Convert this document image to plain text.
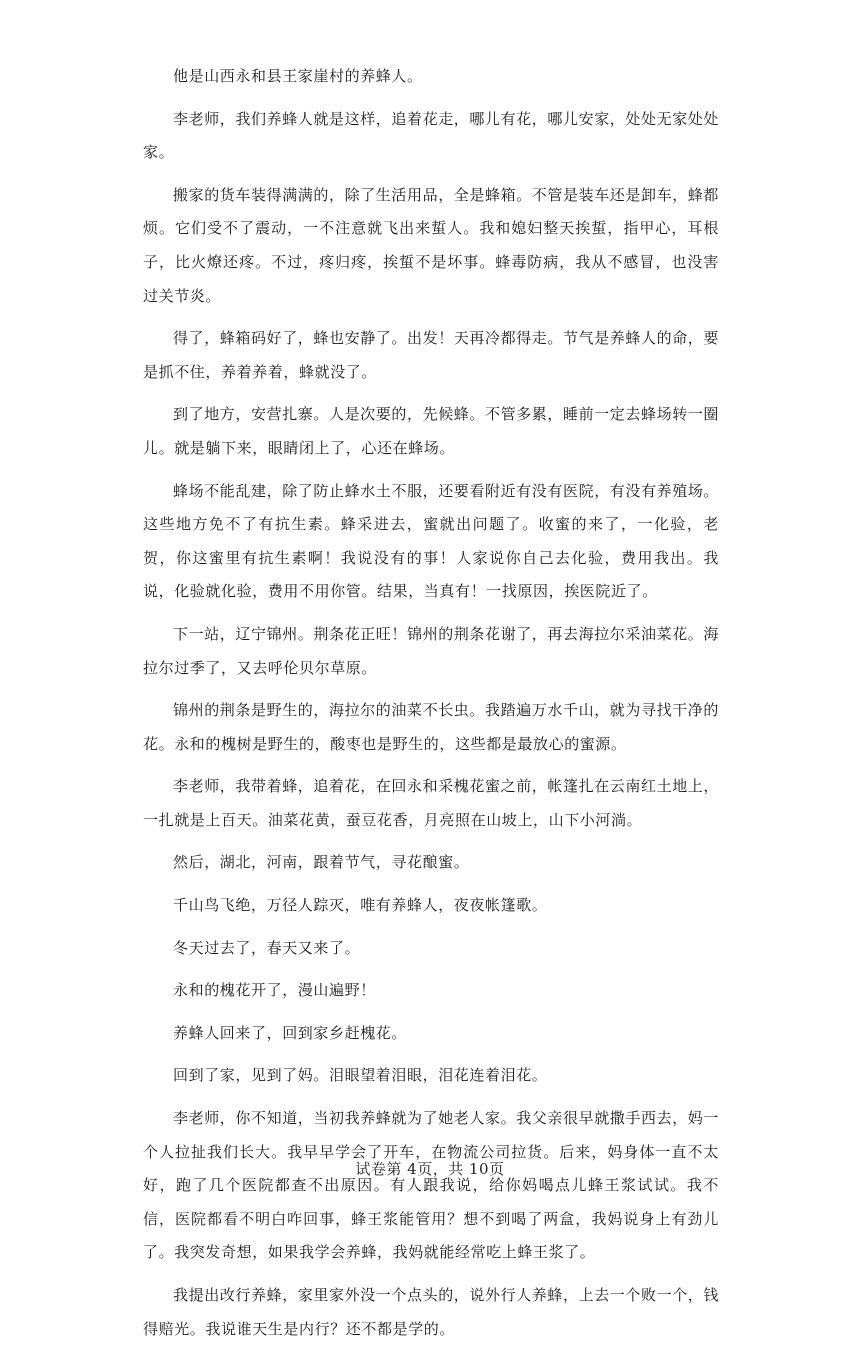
他是山西永和县王家崖村的养蜂人。

李老师，我们养蜂人就是这样，追着花走，哪儿有花，哪儿安家，处处无家处处家。

搬家的货车装得满满的，除了生活用品，全是蜂箱。不管是装车还是卸车，蜂都烦。它们受不了震动，一不注意就飞出来蜇人。我和媳妇整天挨蜇，指甲心，耳根子，比火燎还疼。不过，疼归疼，挨蜇不是坏事。蜂毒防病，我从不感冒，也没害过关节炎。

得了，蜂箱码好了，蜂也安静了。出发！天再冷都得走。节气是养蜂人的命，要是抓不住，养着养着，蜂就没了。

到了地方，安营扎寨。人是次要的，先候蜂。不管多累，睡前一定去蜂场转一圈儿。就是躺下来，眼睛闭上了，心还在蜂场。

蜂场不能乱建，除了防止蜂水土不服，还要看附近有没有医院，有没有养殖场。这些地方免不了有抗生素。蜂采进去，蜜就出问题了。收蜜的来了，一化验，老贺，你这蜜里有抗生素啊！我说没有的事！人家说你自己去化验，费用我出。我说，化验就化验，费用不用你管。结果，当真有！一找原因，挨医院近了。

下一站，辽宁锦州。荆条花正旺！锦州的荆条花谢了，再去海拉尔采油菜花。海拉尔过季了，又去呼伦贝尔草原。

锦州的荆条是野生的，海拉尔的油菜不长虫。我踏遍万水千山，就为寻找干净的花。永和的槐树是野生的，酸枣也是野生的，这些都是最放心的蜜源。

李老师，我带着蜂，追着花，在回永和采槐花蜜之前，帐篷扎在云南红土地上，一扎就是上百天。油菜花黄，蚕豆花香，月亮照在山坡上，山下小河淌。

然后，湖北，河南，跟着节气，寻花酿蜜。

千山鸟飞绝，万径人踪灭，唯有养蜂人，夜夜帐篷歌。

冬天过去了，春天又来了。

永和的槐花开了，漫山遍野！

养蜂人回来了，回到家乡赶槐花。

回到了家，见到了妈。泪眼望着泪眼，泪花连着泪花。

李老师，你不知道，当初我养蜂就为了她老人家。我父亲很早就撒手西去，妈一个人拉扯我们长大。我早早学会了开车，在物流公司拉货。后来，妈身体一直不太好，跑了几个医院都查不出原因。有人跟我说，给你妈喝点儿蜂王浆试试。我不信，医院都看不明白咋回事，蜂王浆能管用？想不到喝了两盒，我妈说身上有劲儿了。我突发奇想，如果我学会养蜂，我妈就能经常吃上蜂王浆了。

我提出改行养蜂，家里家外没一个点头的，说外行人养蜂，上去一个败一个，钱得赔光。我说谁天生是内行？还不都是学的。

试卷第 4页，共 10页
